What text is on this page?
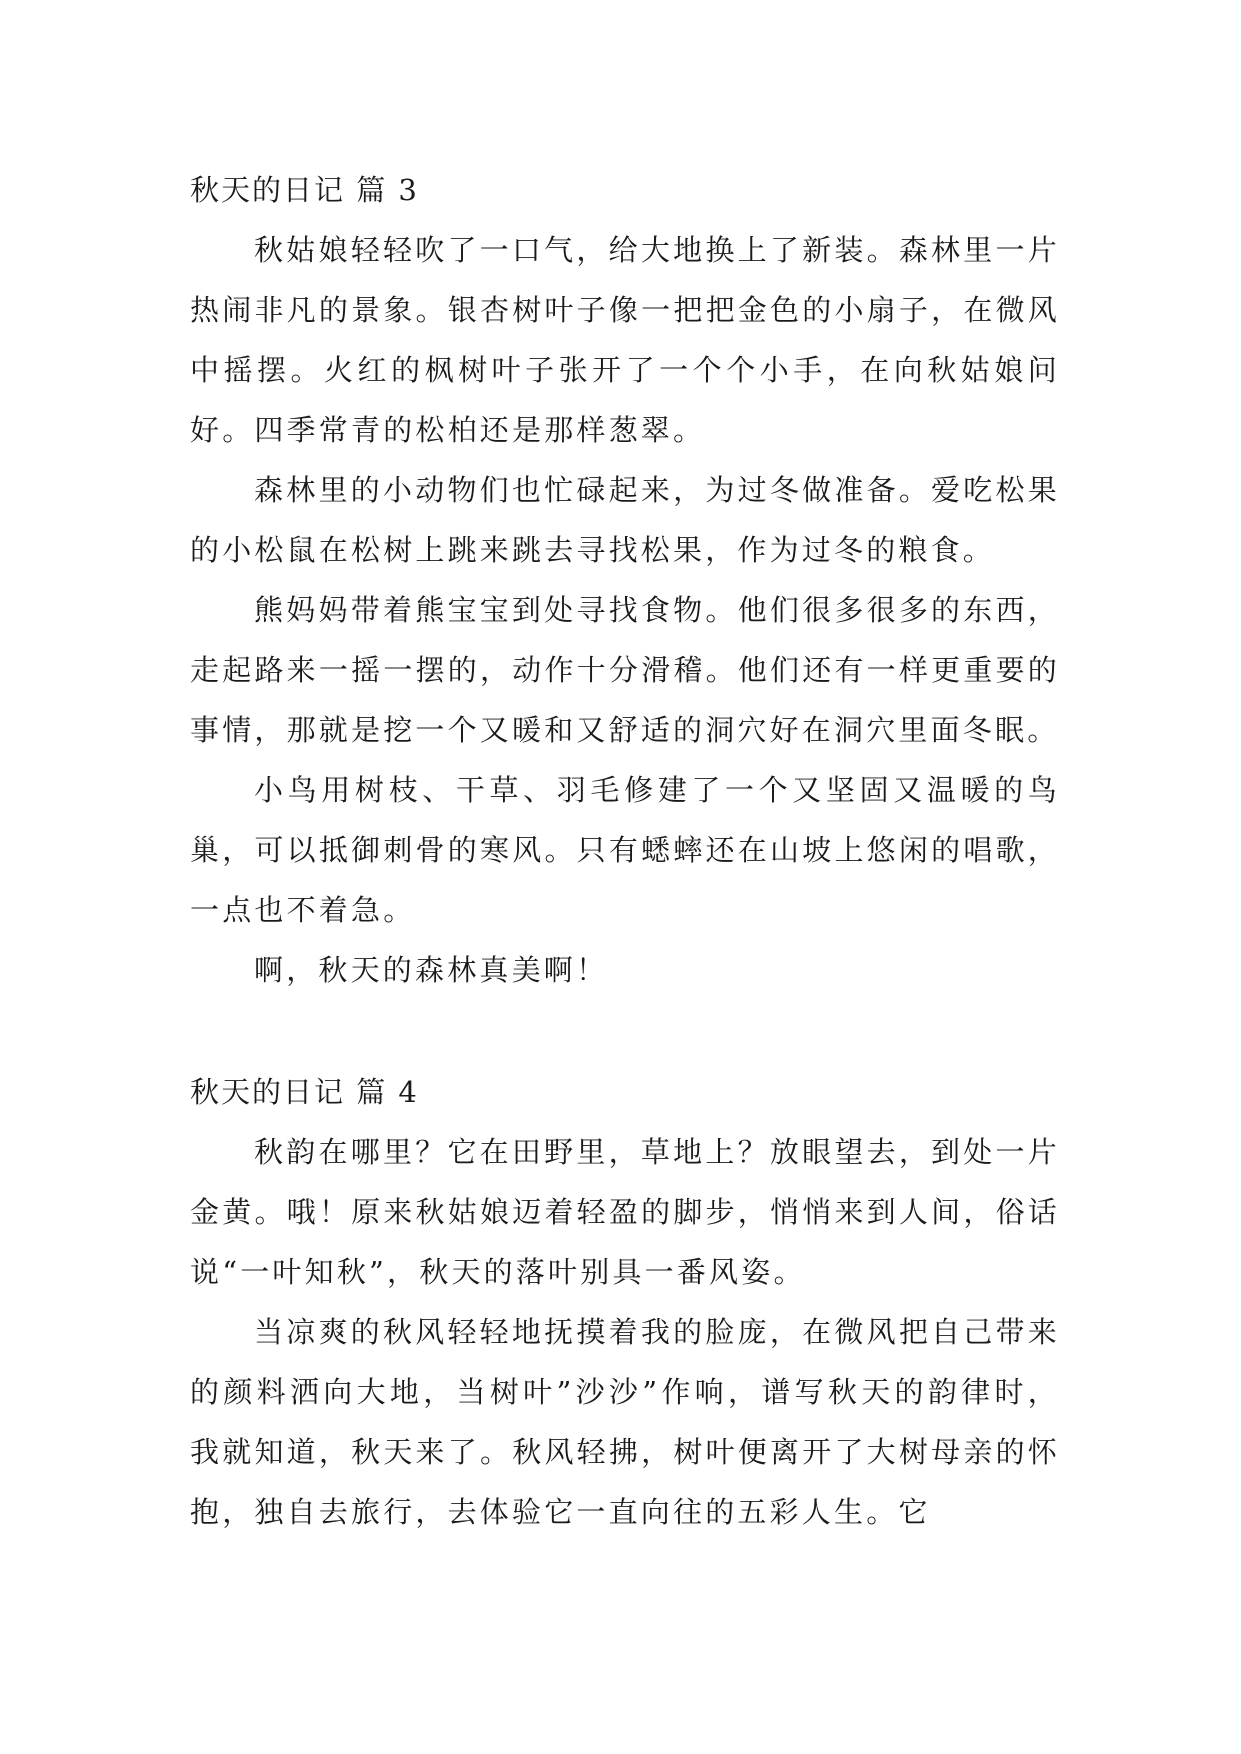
秋天的日记 篇 3

秋姑娘轻轻吹了一口气，给大地换上了新装。森林里一片热闹非凡的景象。银杏树叶子像一把把金色的小扇子，在微风中摇摆。火红的枫树叶子张开了一个个小手，在向秋姑娘问好。四季常青的松柏还是那样葱翠。

森林里的小动物们也忙碌起来，为过冬做准备。爱吃松果的小松鼠在松树上跳来跳去寻找松果，作为过冬的粮食。

熊妈妈带着熊宝宝到处寻找食物。他们很多很多的东西，走起路来一摇一摆的，动作十分滑稽。他们还有一样更重要的事情，那就是挖一个又暖和又舒适的洞穴好在洞穴里面冬眠。

小鸟用树枝、干草、羽毛修建了一个又坚固又温暖的鸟巢，可以抵御刺骨的寒风。只有蟋蟀还在山坡上悠闲的唱歌，一点也不着急。

啊，秋天的森林真美啊！

秋天的日记 篇 4

秋韵在哪里？它在田野里，草地上？放眼望去，到处一片金黄。哦！原来秋姑娘迈着轻盈的脚步，悄悄来到人间，俗话说“一叶知秋”，秋天的落叶别具一番风姿。

当凉爽的秋风轻轻地抚摸着我的脸庞，在微风把自己带来的颜料洒向大地，当树叶”沙沙”作响，谱写秋天的韵律时，我就知道，秋天来了。秋风轻拂，树叶便离开了大树母亲的怀抱，独自去旅行，去体验它一直向往的五彩人生。它
